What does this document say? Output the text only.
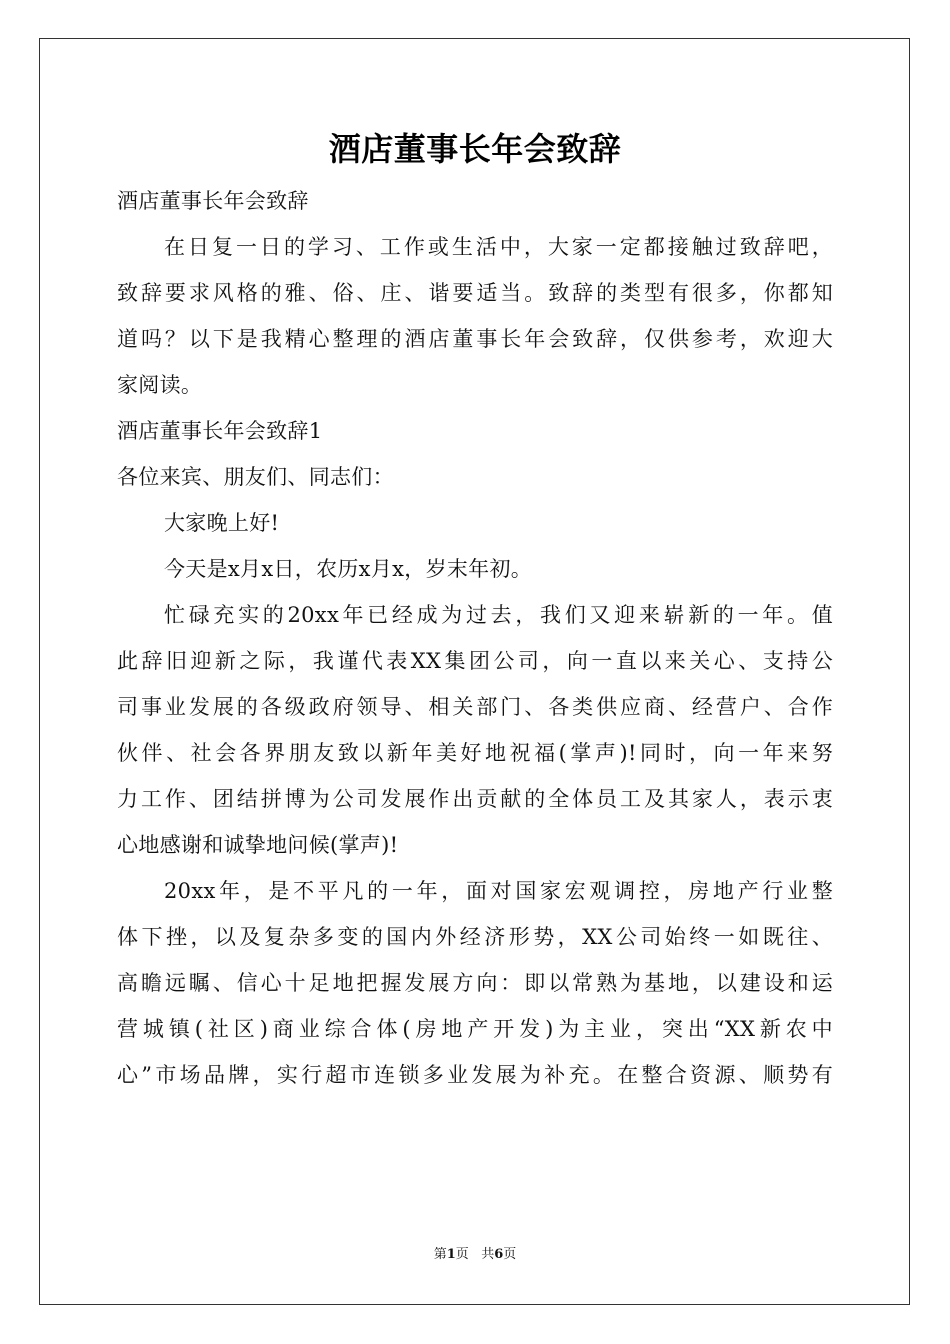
酒店董事长年会致辞
酒店董事长年会致辞
在日复一日的学习、工作或生活中，大家一定都接触过致辞吧，
致辞要求风格的雅、俗、庄、谐要适当。致辞的类型有很多，你都知
道吗？以下是我精心整理的酒店董事长年会致辞，仅供参考，欢迎大
家阅读。
酒店董事长年会致辞1
各位来宾、朋友们、同志们：
大家晚上好!
今天是x月x日，农历x月x，岁末年初。
忙碌充实的20xx年已经成为过去，我们又迎来崭新的一年。值
此辞旧迎新之际，我谨代表XX集团公司，向一直以来关心、支持公
司事业发展的各级政府领导、相关部门、各类供应商、经营户、合作
伙伴、社会各界朋友致以新年美好地祝福(掌声)!同时，向一年来努
力工作、团结拼博为公司发展作出贡献的全体员工及其家人，表示衷
心地感谢和诚挚地问候(掌声)!
20xx年，是不平凡的一年，面对国家宏观调控，房地产行业整
体下挫，以及复杂多变的国内外经济形势，XX公司始终一如既往、
高瞻远瞩、信心十足地把握发展方向：即以常熟为基地，以建设和运
营城镇(社区)商业综合体(房地产开发)为主业，突出“XX新农中
心”市场品牌，实行超市连锁多业发展为补充。在整合资源、顺势有
第1页 共6页
